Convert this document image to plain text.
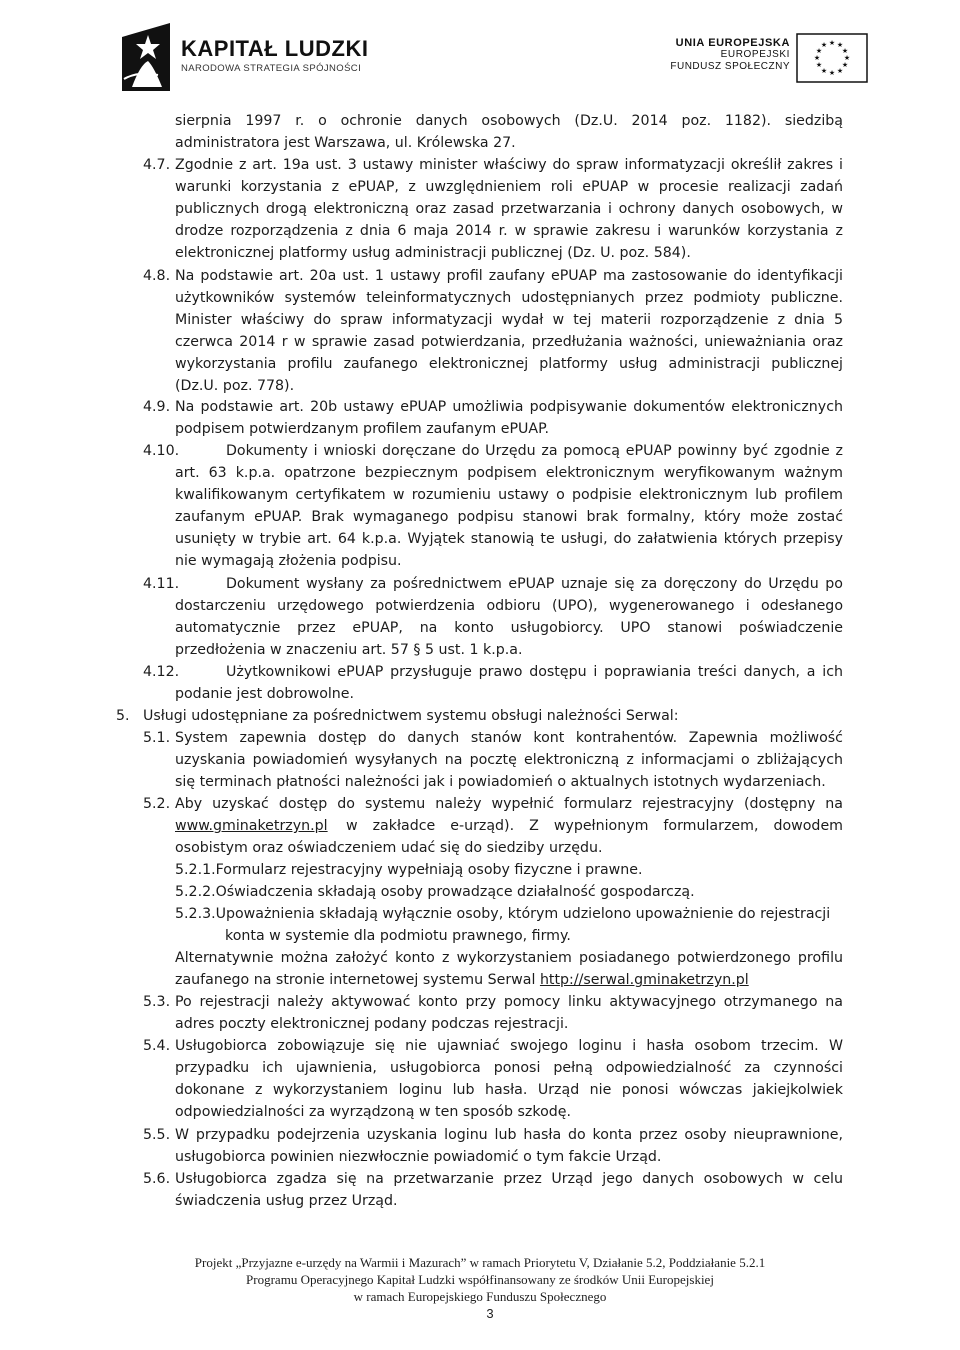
KAPITAŁ LUDZKI
NARODOWA STRATEGIA SPÓJNOŚCI
UNIA EUROPEJSKA
EUROPEJSKI
FUNDUSZ SPOŁECZNY
★ ★
★
★
★
★
★
★
★
★
★
★
sierpnia 1997 r. o ochronie danych osobowych (Dz.U. 2014 poz. 1182). siedzibą
administratora jest Warszawa, ul. Królewska 27.
4.7. Zgodnie z art. 19a ust. 3 ustawy minister właściwy do spraw informatyzacji określił zakres i
warunki korzystania z ePUAP, z uwzględnieniem roli ePUAP w procesie realizacji zadań
publicznych drogą elektroniczną oraz zasad przetwarzania i ochrony danych osobowych, w
drodze rozporządzenia z dnia 6 maja 2014 r. w sprawie zakresu i warunków korzystania z
elektronicznej platformy usług administracji publicznej (Dz. U. poz. 584).
4.8. Na podstawie art. 20a ust. 1 ustawy profil zaufany ePUAP ma zastosowanie do identyfikacji
użytkowników systemów teleinformatycznych udostępnianych przez podmioty publiczne.
Minister właściwy do spraw informatyzacji wydał w tej materii rozporządzenie z dnia 5
czerwca 2014 r w sprawie zasad potwierdzania, przedłużania ważności, unieważniania oraz
wykorzystania profilu zaufanego elektronicznej platformy usług administracji publicznej
(Dz.U. poz. 778).
4.9. Na podstawie art. 20b ustawy ePUAP umożliwia podpisywanie dokumentów elektronicznych
podpisem potwierdzanym profilem zaufanym ePUAP.
4.10.	Dokumenty i wnioski doręczane do Urzędu za pomocą ePUAP powinny być zgodnie z
art. 63 k.p.a. opatrzone bezpiecznym podpisem elektronicznym weryfikowanym ważnym
kwalifikowanym certyfikatem w rozumieniu ustawy o podpisie elektronicznym lub profilem
zaufanym ePUAP. Brak wymaganego podpisu stanowi brak formalny, który może zostać
usunięty w trybie art. 64 k.p.a. Wyjątek stanowią te usługi, do załatwienia których przepisy
nie wymagają złożenia podpisu.
4.11.	Dokument wysłany za pośrednictwem ePUAP uznaje się za doręczony do Urzędu po
dostarczeniu urzędowego potwierdzenia odbioru (UPO), wygenerowanego i odesłanego
automatycznie przez ePUAP, na konto usługobiorcy. UPO stanowi poświadczenie
przedłożenia w znaczeniu art. 57 § 5 ust. 1 k.p.a.
4.12.	Użytkownikowi ePUAP przysługuje prawo dostępu i poprawiania treści danych, a ich
podanie jest dobrowolne.
5. Usługi udostępniane za pośrednictwem systemu obsługi należności Serwal:
5.1. System zapewnia dostęp do danych stanów kont kontrahentów. Zapewnia możliwość
uzyskania powiadomień wysyłanych na pocztę elektroniczną z informacjami o zbliżających
się terminach płatności należności jak i powiadomień o aktualnych istotnych wydarzeniach.
5.2. Aby uzyskać dostęp do systemu należy wypełnić formularz rejestracyjny (dostępny na
www.gminaketrzyn.pl w zakładce e-urząd). Z wypełnionym formularzem, dowodem
osobistym oraz oświadczeniem udać się do siedziby urzędu.
5.2.1.Formularz rejestracyjny wypełniają osoby fizyczne i prawne.
5.2.2.Oświadczenia składają osoby prowadzące działalność gospodarczą.
5.2.3.Upoważnienia składają wyłącznie osoby, którym udzielono upoważnienie do rejestracji
konta w systemie dla podmiotu prawnego, firmy.
Alternatywnie można założyć konto z wykorzystaniem posiadanego potwierdzonego profilu
zaufanego na stronie internetowej systemu Serwal http://serwal.gminaketrzyn.pl
5.3. Po rejestracji należy aktywować konto przy pomocy linku aktywacyjnego otrzymanego na
adres poczty elektronicznej podany podczas rejestracji.
5.4. Usługobiorca zobowiązuje się nie ujawniać swojego loginu i hasła osobom trzecim. W
przypadku ich ujawnienia, usługobiorca ponosi pełną odpowiedzialność za czynności
dokonane z wykorzystaniem loginu lub hasła. Urząd nie ponosi wówczas jakiejkolwiek
odpowiedzialności za wyrządzoną w ten sposób szkodę.
5.5. W przypadku podejrzenia uzyskania loginu lub hasła do konta przez osoby nieuprawnione,
usługobiorca powinien niezwłocznie powiadomić o tym fakcie Urząd.
5.6. Usługobiorca zgadza się na przetwarzanie przez Urząd jego danych osobowych w celu
świadczenia usług przez Urząd.
Projekt „Przyjazne e-urzędy na Warmii i Mazurach” w ramach Priorytetu V, Działanie 5.2, Poddziałanie 5.2.1
Programu Operacyjnego Kapitał Ludzki współfinansowany ze środków Unii Europejskiej
w ramach Europejskiego Funduszu Społecznego
3
